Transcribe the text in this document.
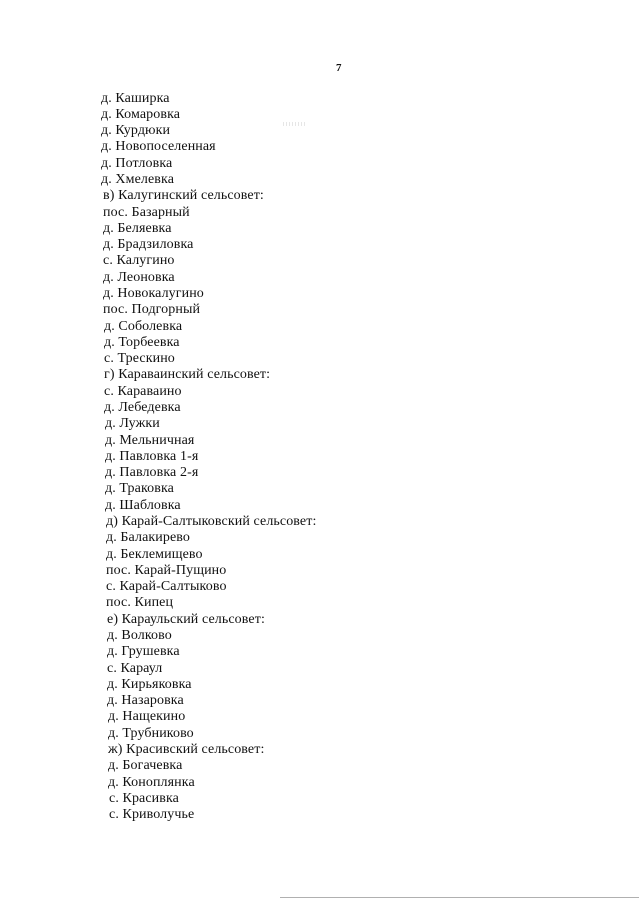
7
д. Каширка
д. Комаровка
д. Курдюки
д. Новопоселенная
д. Потловка
д. Хмелевка
в) Калугинский сельсовет:
пос. Базарный
д. Беляевка
д. Брадзиловка
с. Калугино
д. Леоновка
д. Новокалугино
пос. Подгорный
д. Соболевка
д. Торбеевка
с. Трескино
г) Караваинский сельсовет:
с. Караваино
д. Лебедевка
д. Лужки
д. Мельничная
д. Павловка 1-я
д. Павловка 2-я
д. Траковка
д. Шабловка
д) Карай-Салтыковский сельсовет:
д. Балакирево
д. Беклемищево
пос. Карай-Пущино
с. Карай-Салтыково
пос. Кипец
е) Караульский сельсовет:
д. Волково
д. Грушевка
с. Караул
д. Кирьяковка
д. Назаровка
д. Нащекино
д. Трубниково
ж) Красивский сельсовет:
д. Богачевка
д. Коноплянка
с. Красивка
с. Криволучье
